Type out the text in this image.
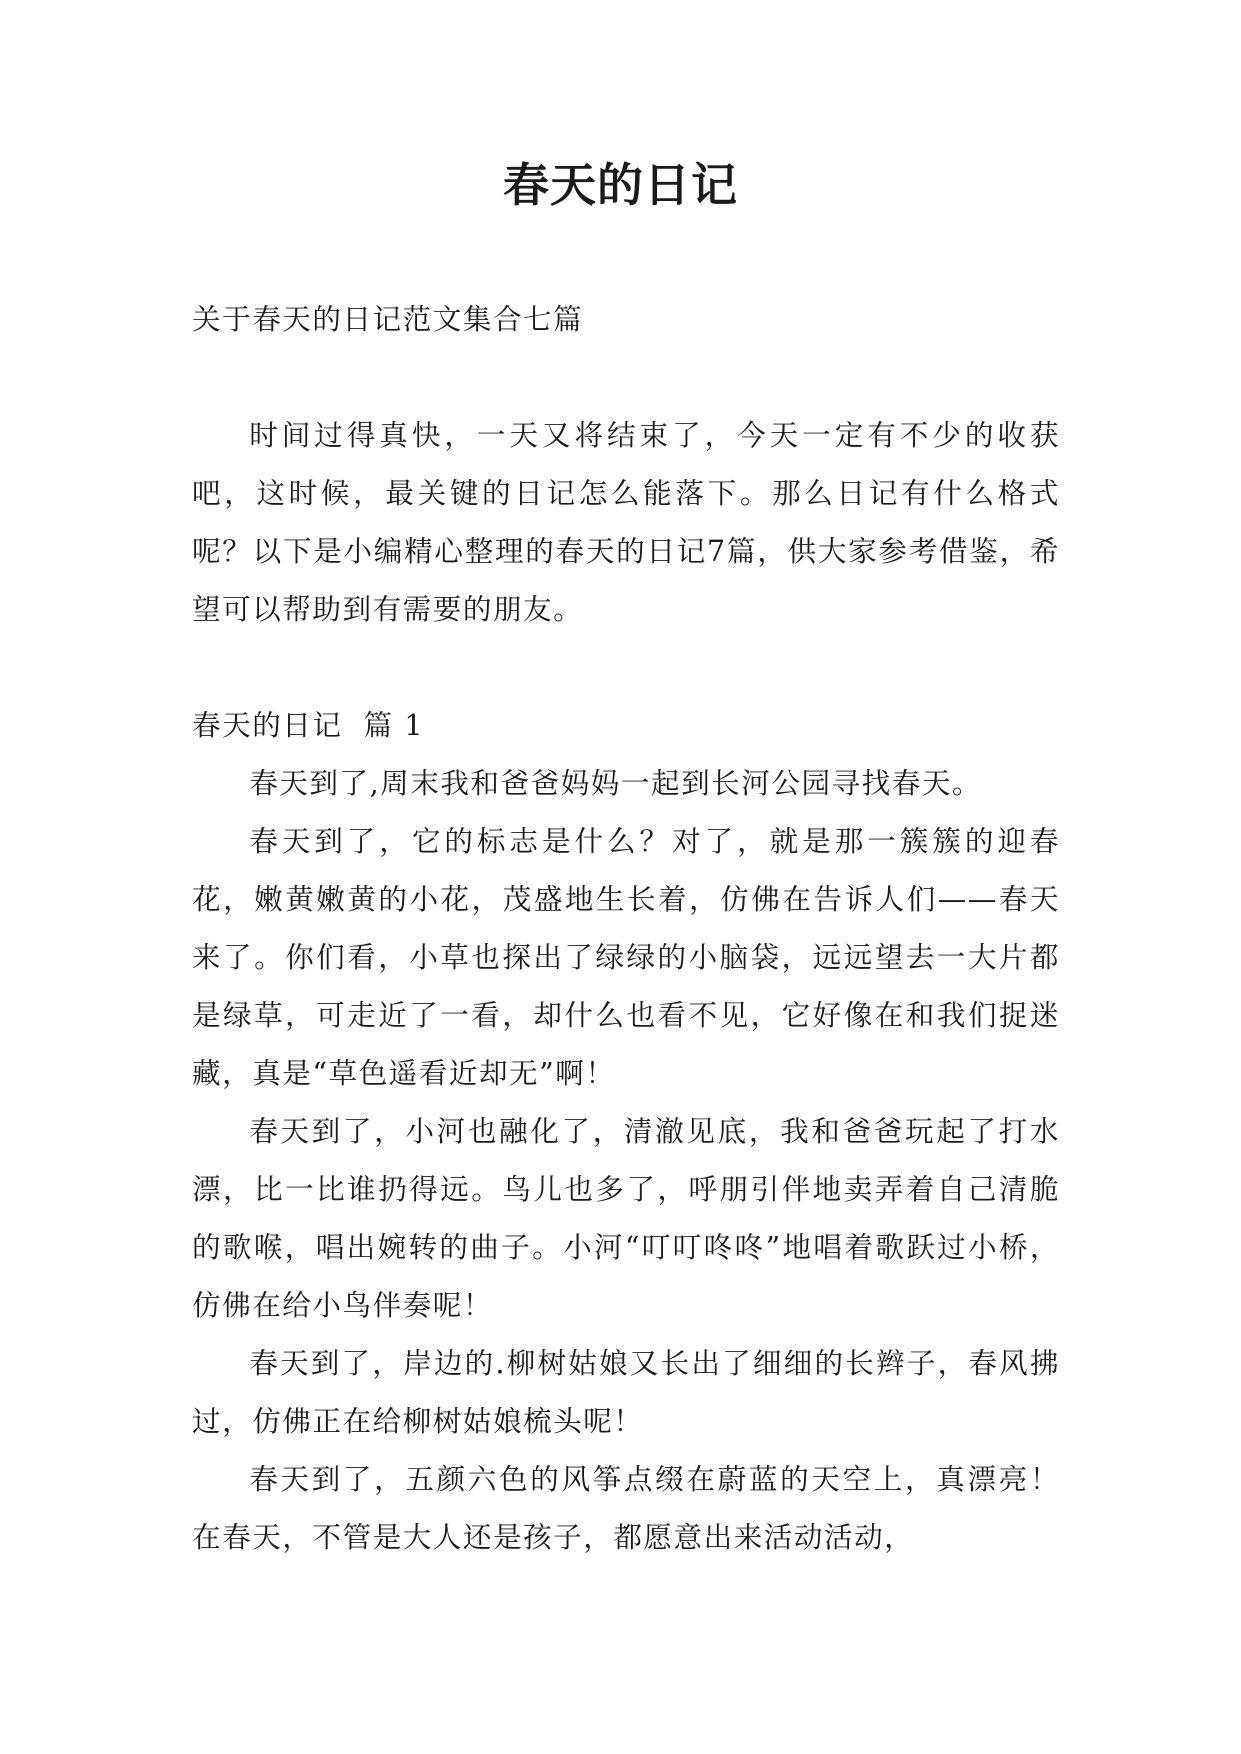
春天的日记

关于春天的日记范文集合七篇

时间过得真快，一天又将结束了，今天一定有不少的收获吧，这时候，最关键的日记怎么能落下。那么日记有什么格式呢？以下是小编精心整理的春天的日记7篇，供大家参考借鉴，希望可以帮助到有需要的朋友。

春天的日记  篇 1

春天到了,周末我和爸爸妈妈一起到长河公园寻找春天。

春天到了，它的标志是什么？对了，就是那一簇簇的迎春花，嫩黄嫩黄的小花，茂盛地生长着，仿佛在告诉人们——春天来了。你们看，小草也探出了绿绿的小脑袋，远远望去一大片都是绿草，可走近了一看，却什么也看不见，它好像在和我们捉迷藏，真是“草色遥看近却无”啊！

春天到了，小河也融化了，清澈见底，我和爸爸玩起了打水漂，比一比谁扔得远。鸟儿也多了，呼朋引伴地卖弄着自己清脆的歌喉，唱出婉转的曲子。小河“叮叮咚咚”地唱着歌跃过小桥，仿佛在给小鸟伴奏呢！

春天到了，岸边的.柳树姑娘又长出了细细的长辫子，春风拂过，仿佛正在给柳树姑娘梳头呢！

春天到了，五颜六色的风筝点缀在蔚蓝的天空上，真漂亮！在春天，不管是大人还是孩子，都愿意出来活动活动，
